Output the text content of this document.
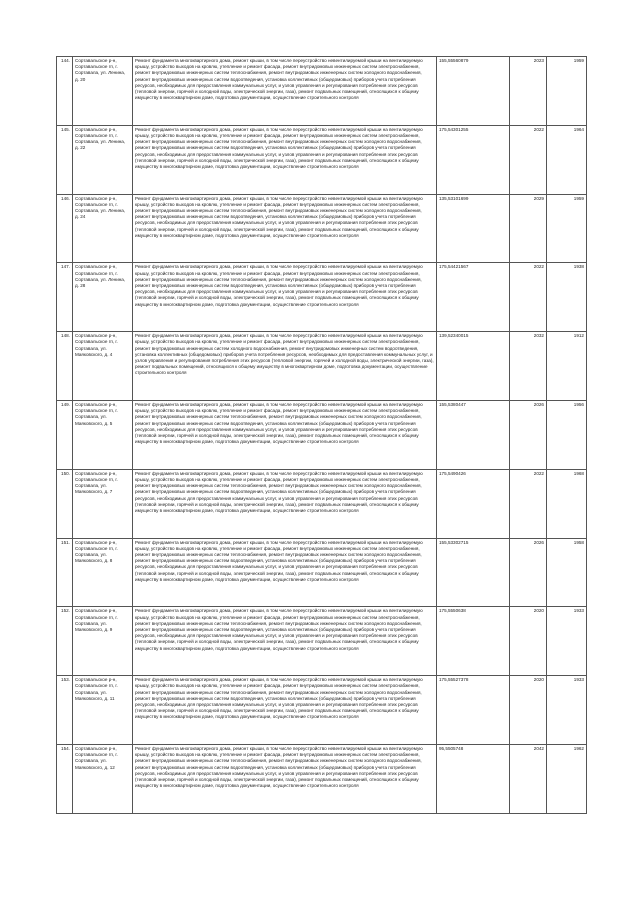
144.	Сортавальское р-н, Сортавальское гп, г. Сортавала, ул. Ленина, д. 20	Ремонт фундамента многоквартирного дома, ремонт крыши, в том числе переустройство невентилируемой крыши на вентилируемую крышу, устройство выходов на кровлю, утепление и ремонт фасада, ремонт внутридомовых инженерных систем электроснабжения, ремонт внутридомовых инженерных систем теплоснабжения, ремонт внутридомовых инженерных систем холодного водоснабжения, ремонт внутридомовых инженерных систем водоотведения, установка коллективных (общедомовых) приборов учета потребления ресурсов, необходимых для предоставления коммунальных услуг, и узлов управления и регулирования потребления этих ресурсов (тепловой энергии, горячей и холодной воды, электрической энергии, газа), ремонт подвальных помещений, относящихся к общему имуществу в многоквартирном доме, подготовка документации, осуществление строительного контроля	155,55560879	2023	1959
145.	Сортавальское р-н, Сортавальское гп, г. Сортавала, ул. Ленина, д. 22	Ремонт фундамента многоквартирного дома, ремонт крыши, в том числе переустройство невентилируемой крыши на вентилируемую крышу, устройство выходов на кровлю, утепление и ремонт фасада, ремонт внутридомовых инженерных систем электроснабжения, ремонт внутридомовых инженерных систем теплоснабжения, ремонт внутридомовых инженерных систем холодного водоснабжения, ремонт внутридомовых инженерных систем водоотведения, установка коллективных (общедомовых) приборов учета потребления ресурсов, необходимых для предоставления коммунальных услуг, и узлов управления и регулирования потребления этих ресурсов (тепловой энергии, горячей и холодной воды, электрической энергии, газа), ремонт подвальных помещений, относящихся к общему имуществу в многоквартирном доме, подготовка документации, осуществление строительного контроля	175,54301255	2022	1964
146.	Сортавальское р-н, Сортавальское гп, г. Сортавала, ул. Ленина, д. 24	Ремонт фундамента многоквартирного дома, ремонт крыши, в том числе переустройство невентилируемой крыши на вентилируемую крышу, устройство выходов на кровлю, утепление и ремонт фасада, ремонт внутридомовых инженерных систем электроснабжения, ремонт внутридомовых инженерных систем теплоснабжения, ремонт внутридомовых инженерных систем холодного водоснабжения, ремонт внутридомовых инженерных систем водоотведения, установка коллективных (общедомовых) приборов учета потребления ресурсов, необходимых для предоставления коммунальных услуг, и узлов управления и регулирования потребления этих ресурсов (тепловой энергии, горячей и холодной воды, электрической энергии, газа), ремонт подвальных помещений, относящихся к общему имуществу в многоквартирном доме, подготовка документации, осуществление строительного контроля	135,53101699	2029	1959
147.	Сортавальское р-н, Сортавальское гп, г. Сортавала, ул. Ленина, д. 28	Ремонт фундамента многоквартирного дома, ремонт крыши, в том числе переустройство невентилируемой крыши на вентилируемую крышу, устройство выходов на кровлю, утепление и ремонт фасада, ремонт внутридомовых инженерных систем электроснабжения, ремонт внутридомовых инженерных систем теплоснабжения, ремонт внутридомовых инженерных систем холодного водоснабжения, ремонт внутридомовых инженерных систем водоотведения, установка коллективных (общедомовых) приборов учета потребления ресурсов, необходимых для предоставления коммунальных услуг, и узлов управления и регулирования потребления этих ресурсов (тепловой энергии, горячей и холодной воды, электрической энергии, газа), ремонт подвальных помещений, относящихся к общему имуществу в многоквартирном доме, подготовка документации, осуществление строительного контроля	175,54421567	2022	1938
148.	Сортавальское р-н, Сортавальское гп, г. Сортавала, ул. Маяковского, д. 4	Ремонт фундамента многоквартирного дома, ремонт крыши, в том числе переустройство невентилируемой крыши на вентилируемую крышу, устройство выходов на кровлю, утепление и ремонт фасада, ремонт внутридомовых инженерных систем электроснабжения, ремонт внутридомовых инженерных систем холодного водоснабжения, ремонт внутридомовых инженерных систем водоотведения, установка коллективных (общедомовых) приборов учета потребления ресурсов, необходимых для предоставления коммунальных услуг, и узлов управления и регулирования потребления этих ресурсов (тепловой энергии, горячей и холодной воды, электрической энергии, газа), ремонт подвальных помещений, относящихся к общему имуществу в многоквартирном доме, подготовка документации, осуществление строительного контроля	139,52340015	2032	1912
149.	Сортавальское р-н, Сортавальское гп, г. Сортавала, ул. Маяковского, д. 5	Ремонт фундамента многоквартирного дома, ремонт крыши, в том числе переустройство невентилируемой крыши на вентилируемую крышу, устройство выходов на кровлю, утепление и ремонт фасада, ремонт внутридомовых инженерных систем электроснабжения, ремонт внутридомовых инженерных систем теплоснабжения, ремонт внутридомовых инженерных систем холодного водоснабжения, ремонт внутридомовых инженерных систем водоотведения, установка коллективных (общедомовых) приборов учета потребления ресурсов, необходимых для предоставления коммунальных услуг, и узлов управления и регулирования потребления этих ресурсов (тепловой энергии, горячей и холодной воды, электрической энергии, газа), ремонт подвальных помещений, относящихся к общему имуществу в многоквартирном доме, подготовка документации, осуществление строительного контроля	155,5380447	2026	1956
150.	Сортавальское р-н, Сортавальское гп, г. Сортавала, ул. Маяковского, д. 7	Ремонт фундамента многоквартирного дома, ремонт крыши, в том числе переустройство невентилируемой крыши на вентилируемую крышу, устройство выходов на кровлю, утепление и ремонт фасада, ремонт внутридомовых инженерных систем электроснабжения, ремонт внутридомовых инженерных систем теплоснабжения, ремонт внутридомовых инженерных систем холодного водоснабжения, ремонт внутридомовых инженерных систем водоотведения, установка коллективных (общедомовых) приборов учета потребления ресурсов, необходимых для предоставления коммунальных услуг, и узлов управления и регулирования потребления этих ресурсов (тепловой энергии, горячей и холодной воды, электрической энергии, газа), ремонт подвальных помещений, относящихся к общему имуществу в многоквартирном доме, подготовка документации, осуществление строительного контроля	175,5490426	2022	1968
151.	Сортавальское р-н, Сортавальское гп, г. Сортавала, ул. Маяковского, д. 8	Ремонт фундамента многоквартирного дома, ремонт крыши, в том числе переустройство невентилируемой крыши на вентилируемую крышу, устройство выходов на кровлю, утепление и ремонт фасада, ремонт внутридомовых инженерных систем электроснабжения, ремонт внутридомовых инженерных систем теплоснабжения, ремонт внутридомовых инженерных систем холодного водоснабжения, ремонт внутридомовых инженерных систем водоотведения, установка коллективных (общедомовых) приборов учета потребления ресурсов, необходимых для предоставления коммунальных услуг, и узлов управления и регулирования потребления этих ресурсов (тепловой энергии, горячей и холодной воды, электрической энергии, газа), ремонт подвальных помещений, относящихся к общему имуществу в многоквартирном доме, подготовка документации, осуществление строительного контроля	155,53302715	2026	1958
152.	Сортавальское р-н, Сортавальское гп, г. Сортавала, ул. Маяковского, д. 9	Ремонт фундамента многоквартирного дома, ремонт крыши, в том числе переустройство невентилируемой крыши на вентилируемую крышу, устройство выходов на кровлю, утепление и ремонт фасада, ремонт внутридомовых инженерных систем электроснабжения, ремонт внутридомовых инженерных систем теплоснабжения, ремонт внутридомовых инженерных систем холодного водоснабжения, ремонт внутридомовых инженерных систем водоотведения, установка коллективных (общедомовых) приборов учета потребления ресурсов, необходимых для предоставления коммунальных услуг, и узлов управления и регулирования потребления этих ресурсов (тепловой энергии, горячей и холодной воды, электрической энергии, газа), ремонт подвальных помещений, относящихся к общему имуществу в многоквартирном доме, подготовка документации, осуществление строительного контроля	175,5550638	2020	1933
153.	Сортавальское р-н, Сортавальское гп, г. Сортавала, ул. Маяковского, д. 11	Ремонт фундамента многоквартирного дома, ремонт крыши, в том числе переустройство невентилируемой крыши на вентилируемую крышу, устройство выходов на кровлю, утепление и ремонт фасада, ремонт внутридомовых инженерных систем электроснабжения, ремонт внутридомовых инженерных систем теплоснабжения, ремонт внутридомовых инженерных систем холодного водоснабжения, ремонт внутридомовых инженерных систем водоотведения, установка коллективных (общедомовых) приборов учета потребления ресурсов, необходимых для предоставления коммунальных услуг, и узлов управления и регулирования потребления этих ресурсов (тепловой энергии, горячей и холодной воды, электрической энергии, газа), ремонт подвальных помещений, относящихся к общему имуществу в многоквартирном доме, подготовка документации, осуществление строительного контроля	175,55527378	2020	1933
154.	Сортавальское р-н, Сортавальское гп, г. Сортавала, ул. Маяковского, д. 12	Ремонт фундамента многоквартирного дома, ремонт крыши, в том числе переустройство невентилируемой крыши на вентилируемую крышу, устройство выходов на кровлю, утепление и ремонт фасада, ремонт внутридомовых инженерных систем электроснабжения, ремонт внутридомовых инженерных систем теплоснабжения, ремонт внутридомовых инженерных систем холодного водоснабжения, ремонт внутридомовых инженерных систем водоотведения, установка коллективных (общедомовых) приборов учета потребления ресурсов, необходимых для предоставления коммунальных услуг, и узлов управления и регулирования потребления этих ресурсов (тепловой энергии, горячей и холодной воды, электрической энергии, газа), ремонт подвальных помещений, относящихся к общему имуществу в многоквартирном доме, подготовка документации, осуществление строительного контроля	95,5505748	2042	1962
